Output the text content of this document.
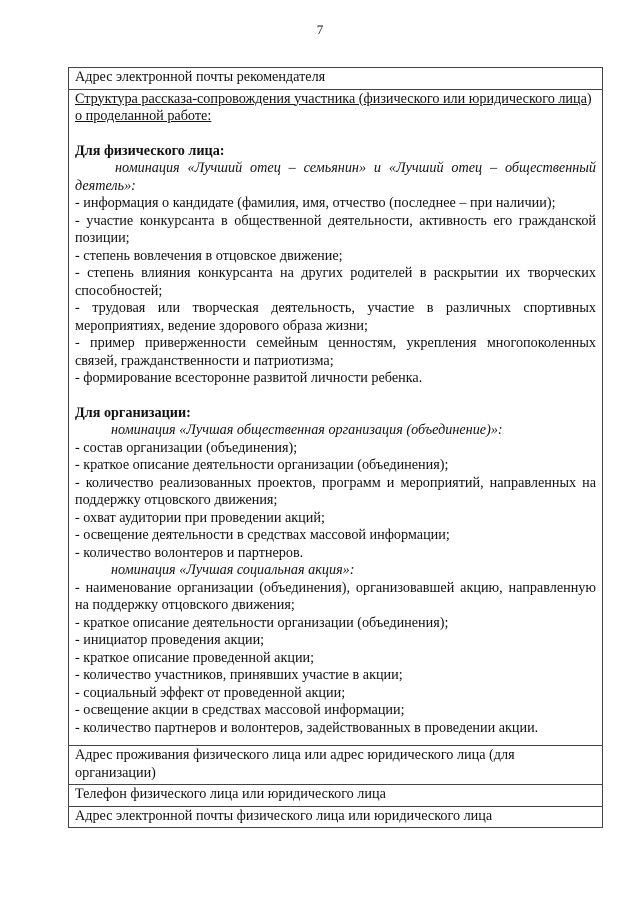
7
Адрес электронной почты рекомендателя

Структура рассказа-сопровождения участника (физического или юридического лица) о проделанной работе:
Для физического лица:
номинация «Лучший отец – семьянин» и «Лучший отец – общественный деятель»:
- информация о кандидате (фамилия, имя, отчество (последнее – при наличии);
- участие конкурсанта в общественной деятельности, активность его гражданской позиции;
- степень вовлечения в отцовское движение;
- степень влияния конкурсанта на других родителей в раскрытии их творческих способностей;
- трудовая или творческая деятельность, участие в различных спортивных мероприятиях, ведение здорового образа жизни;
- пример приверженности семейным ценностям, укрепления многопоколенных связей, гражданственности и патриотизма;
- формирование всесторонне развитой личности ребенка.
Для организации:
номинация «Лучшая общественная организация (объединение)»:
- состав организации (объединения);
- краткое описание деятельности организации (объединения);
- количество реализованных проектов, программ и мероприятий, направленных на поддержку отцовского движения;
- охват аудитории при проведении акций;
- освещение деятельности в средствах массовой информации;
- количество волонтеров и партнеров.
номинация «Лучшая социальная акция»:
- наименование организации (объединения), организовавшей акцию, направленную на поддержку отцовского движения;
- краткое описание деятельности организации (объединения);
- инициатор проведения акции;
- краткое описание проведенной акции;
- количество участников, принявших участие в акции;
- социальный эффект от проведенной акции;
- освещение акции в средствах массовой информации;
- количество партнеров и волонтеров, задействованных в проведении акции.

Адрес проживания физического лица или адрес юридического лица (для организации)
Телефон физического лица или юридического лица
Адрес электронной почты физического лица или юридического лица
